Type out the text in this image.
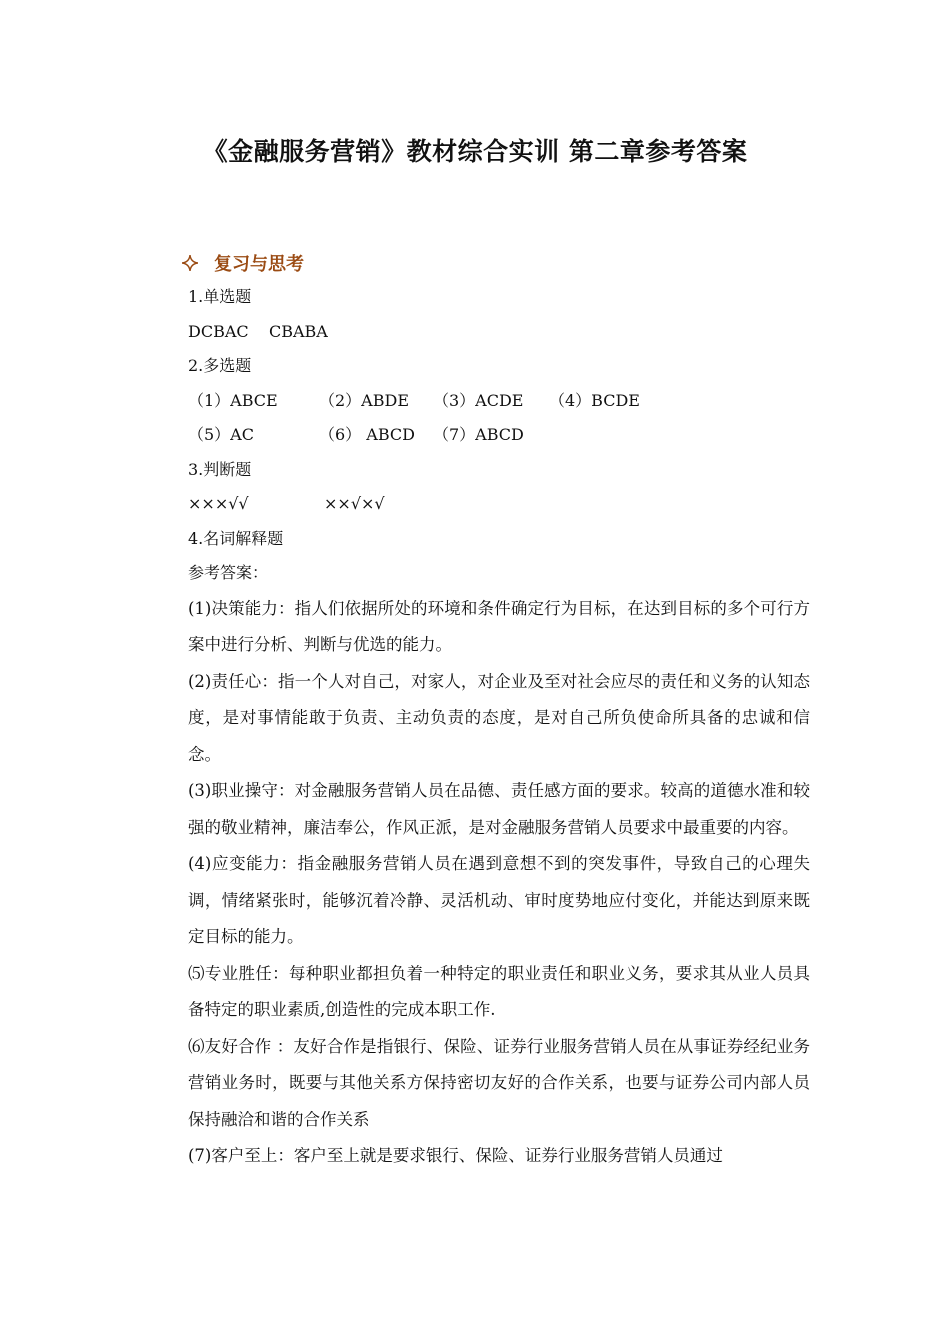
《金融服务营销》教材综合实训 第二章参考答案
复习与思考
1.单选题
DCBAC    CBABA
2.多选题
（1）ABCE	（2）ABDE	（3）ACDE	（4）BCDE
（5）AC	（6） ABCD	（7）ABCD
3.判断题
×××√√	××√×√
4.名词解释题
参考答案：
(1)决策能力：指人们依据所处的环境和条件确定行为目标，在达到目标的多个可行方案中进行分析、判断与优选的能力。
(2)责任心：指一个人对自己，对家人，对企业及至对社会应尽的责任和义务的认知态度，是对事情能敢于负责、主动负责的态度，是对自己所负使命所具备的忠诚和信念。
(3)职业操守：对金融服务营销人员在品德、责任感方面的要求。较高的道德水准和较强的敬业精神，廉洁奉公，作风正派，是对金融服务营销人员要求中最重要的内容。
(4)应变能力：指金融服务营销人员在遇到意想不到的突发事件，导致自己的心理失调，情绪紧张时，能够沉着冷静、灵活机动、审时度势地应付变化，并能达到原来既定目标的能力。
⑸专业胜任：每种职业都担负着一种特定的职业责任和职业义务，要求其从业人员具备特定的职业素质,创造性的完成本职工作.
⑹友好合作 ：友好合作是指银行、保险、证券行业服务营销人员在从事证券经纪业务营销业务时，既要与其他关系方保持密切友好的合作关系，也要与证券公司内部人员保持融洽和谐的合作关系
(7)客户至上：客户至上就是要求银行、保险、证券行业服务营销人员通过
